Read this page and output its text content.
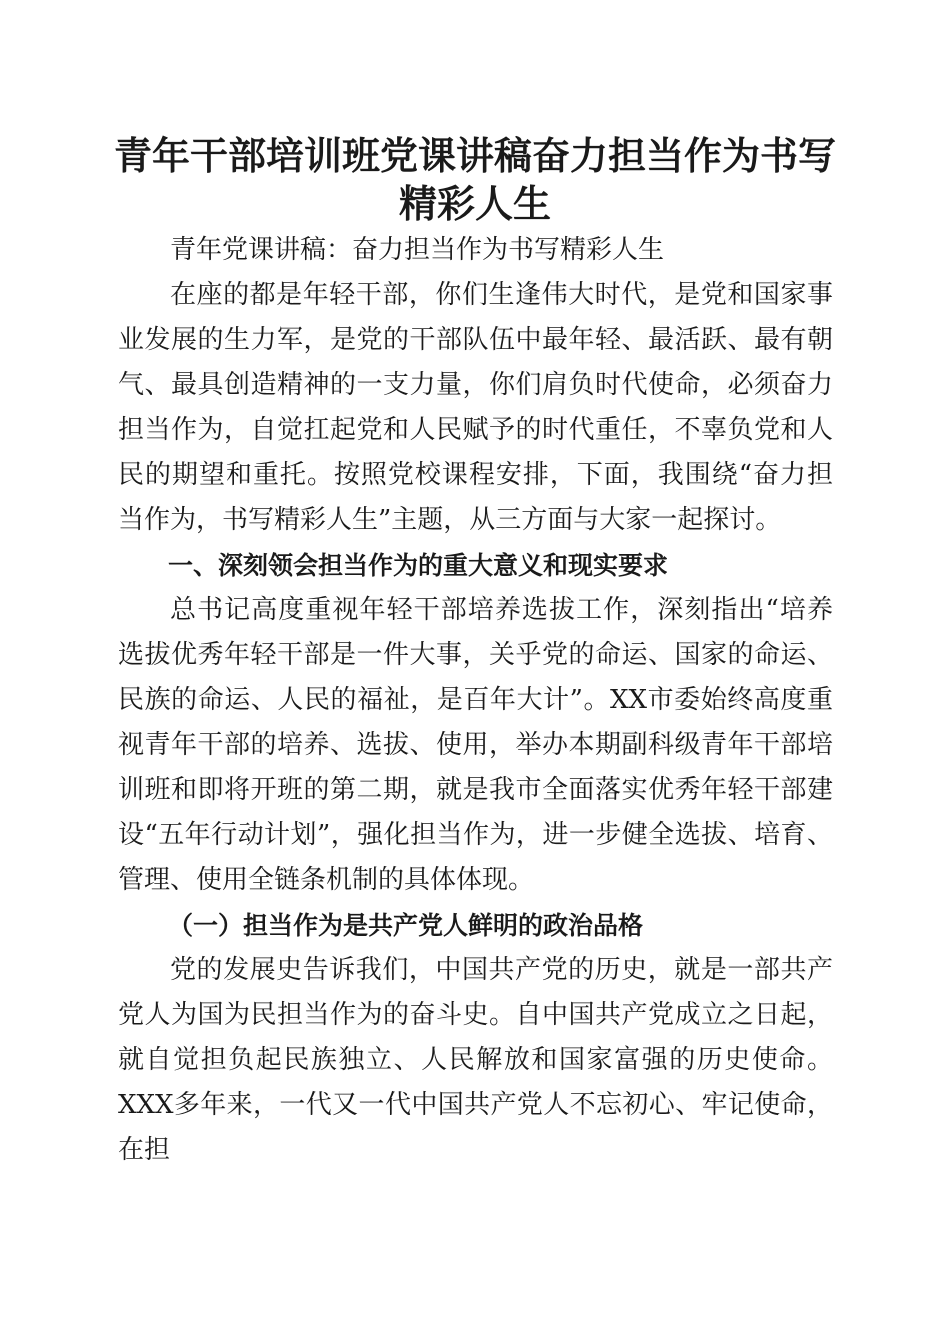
青年干部培训班党课讲稿奋力担当作为书写精彩人生

青年党课讲稿：奋力担当作为书写精彩人生

在座的都是年轻干部，你们生逢伟大时代，是党和国家事业发展的生力军，是党的干部队伍中最年轻、最活跃、最有朝气、最具创造精神的一支力量，你们肩负时代使命，必须奋力担当作为，自觉扛起党和人民赋予的时代重任，不辜负党和人民的期望和重托。按照党校课程安排，下面，我围绕“奋力担当作为，书写精彩人生”主题，从三方面与大家一起探讨。

一、深刻领会担当作为的重大意义和现实要求

总书记高度重视年轻干部培养选拔工作，深刻指出“培养选拔优秀年轻干部是一件大事，关乎党的命运、国家的命运、民族的命运、人民的福祉，是百年大计”。XX市委始终高度重视青年干部的培养、选拔、使用，举办本期副科级青年干部培训班和即将开班的第二期，就是我市全面落实优秀年轻干部建设“五年行动计划”，强化担当作为，进一步健全选拔、培育、管理、使用全链条机制的具体体现。

（一）担当作为是共产党人鲜明的政治品格

党的发展史告诉我们，中国共产党的历史，就是一部共产党人为国为民担当作为的奋斗史。自中国共产党成立之日起，就自觉担负起民族独立、人民解放和国家富强的历史使命。XXX多年来，一代又一代中国共产党人不忘初心、牢记使命，在担
